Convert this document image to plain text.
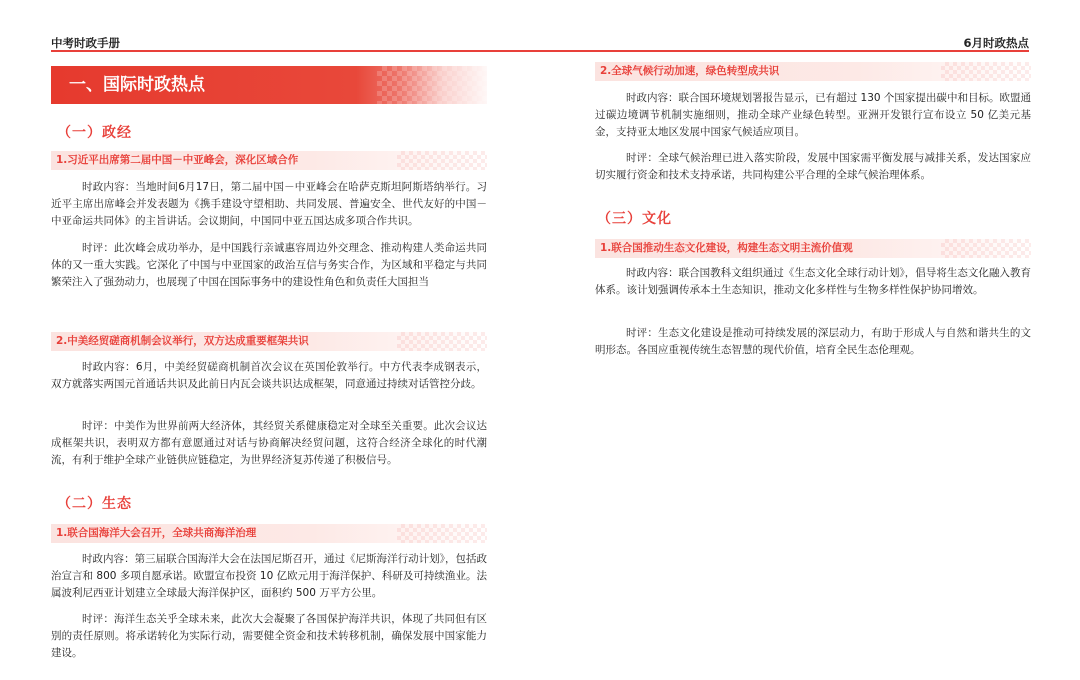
中考时政手册	6月时政热点
一、国际时政热点
（一）政经
1.习近平出席第二届中国－中亚峰会，深化区域合作
时政内容：当地时间6月17日，第二届中国－中亚峰会在哈萨克斯坦阿斯塔纳举行。习近平主席出席峰会并发表题为《携手建设守望相助、共同发展、普遍安全、世代友好的中国－中亚命运共同体》的主旨讲话。会议期间，中国同中亚五国达成多项合作共识。
时评：此次峰会成功举办，是中国践行亲诚惠容周边外交理念、推动构建人类命运共同体的又一重大实践。它深化了中国与中亚国家的政治互信与务实合作，为区域和平稳定与共同繁荣注入了强劲动力，也展现了中国在国际事务中的建设性角色和负责任大国担当
2.中美经贸磋商机制会议举行，双方达成重要框架共识
时政内容：6月，中美经贸磋商机制首次会议在英国伦敦举行。中方代表李成钢表示，双方就落实两国元首通话共识及此前日内瓦会谈共识达成框架，同意通过持续对话管控分歧。
时评：中美作为世界前两大经济体，其经贸关系健康稳定对全球至关重要。此次会议达成框架共识，表明双方都有意愿通过对话与协商解决经贸问题，这符合经济全球化的时代潮流，有利于维护全球产业链供应链稳定，为世界经济复苏传递了积极信号。
（二）生态
1.联合国海洋大会召开，全球共商海洋治理
时政内容：第三届联合国海洋大会在法国尼斯召开，通过《尼斯海洋行动计划》，包括政治宣言和 800 多项自愿承诺。欧盟宣布投资 10 亿欧元用于海洋保护、科研及可持续渔业。法属波利尼西亚计划建立全球最大海洋保护区，面积约 500 万平方公里。
时评：海洋生态关乎全球未来，此次大会凝聚了各国保护海洋共识，体现了共同但有区别的责任原则。将承诺转化为实际行动，需要健全资金和技术转移机制，确保发展中国家能力建设。
2.全球气候行动加速，绿色转型成共识
时政内容：联合国环境规划署报告显示，已有超过 130 个国家提出碳中和目标。欧盟通过碳边境调节机制实施细则，推动全球产业绿色转型。亚洲开发银行宣布设立 50 亿美元基金，支持亚太地区发展中国家气候适应项目。
时评：全球气候治理已进入落实阶段，发展中国家需平衡发展与减排关系，发达国家应切实履行资金和技术支持承诺，共同构建公平合理的全球气候治理体系。
（三）文化
1.联合国推动生态文化建设，构建生态文明主流价值观
时政内容：联合国教科文组织通过《生态文化全球行动计划》，倡导将生态文化融入教育体系。该计划强调传承本土生态知识，推动文化多样性与生物多样性保护协同增效。
时评：生态文化建设是推动可持续发展的深层动力，有助于形成人与自然和谐共生的文明形态。各国应重视传统生态智慧的现代价值，培育全民生态伦理观。
